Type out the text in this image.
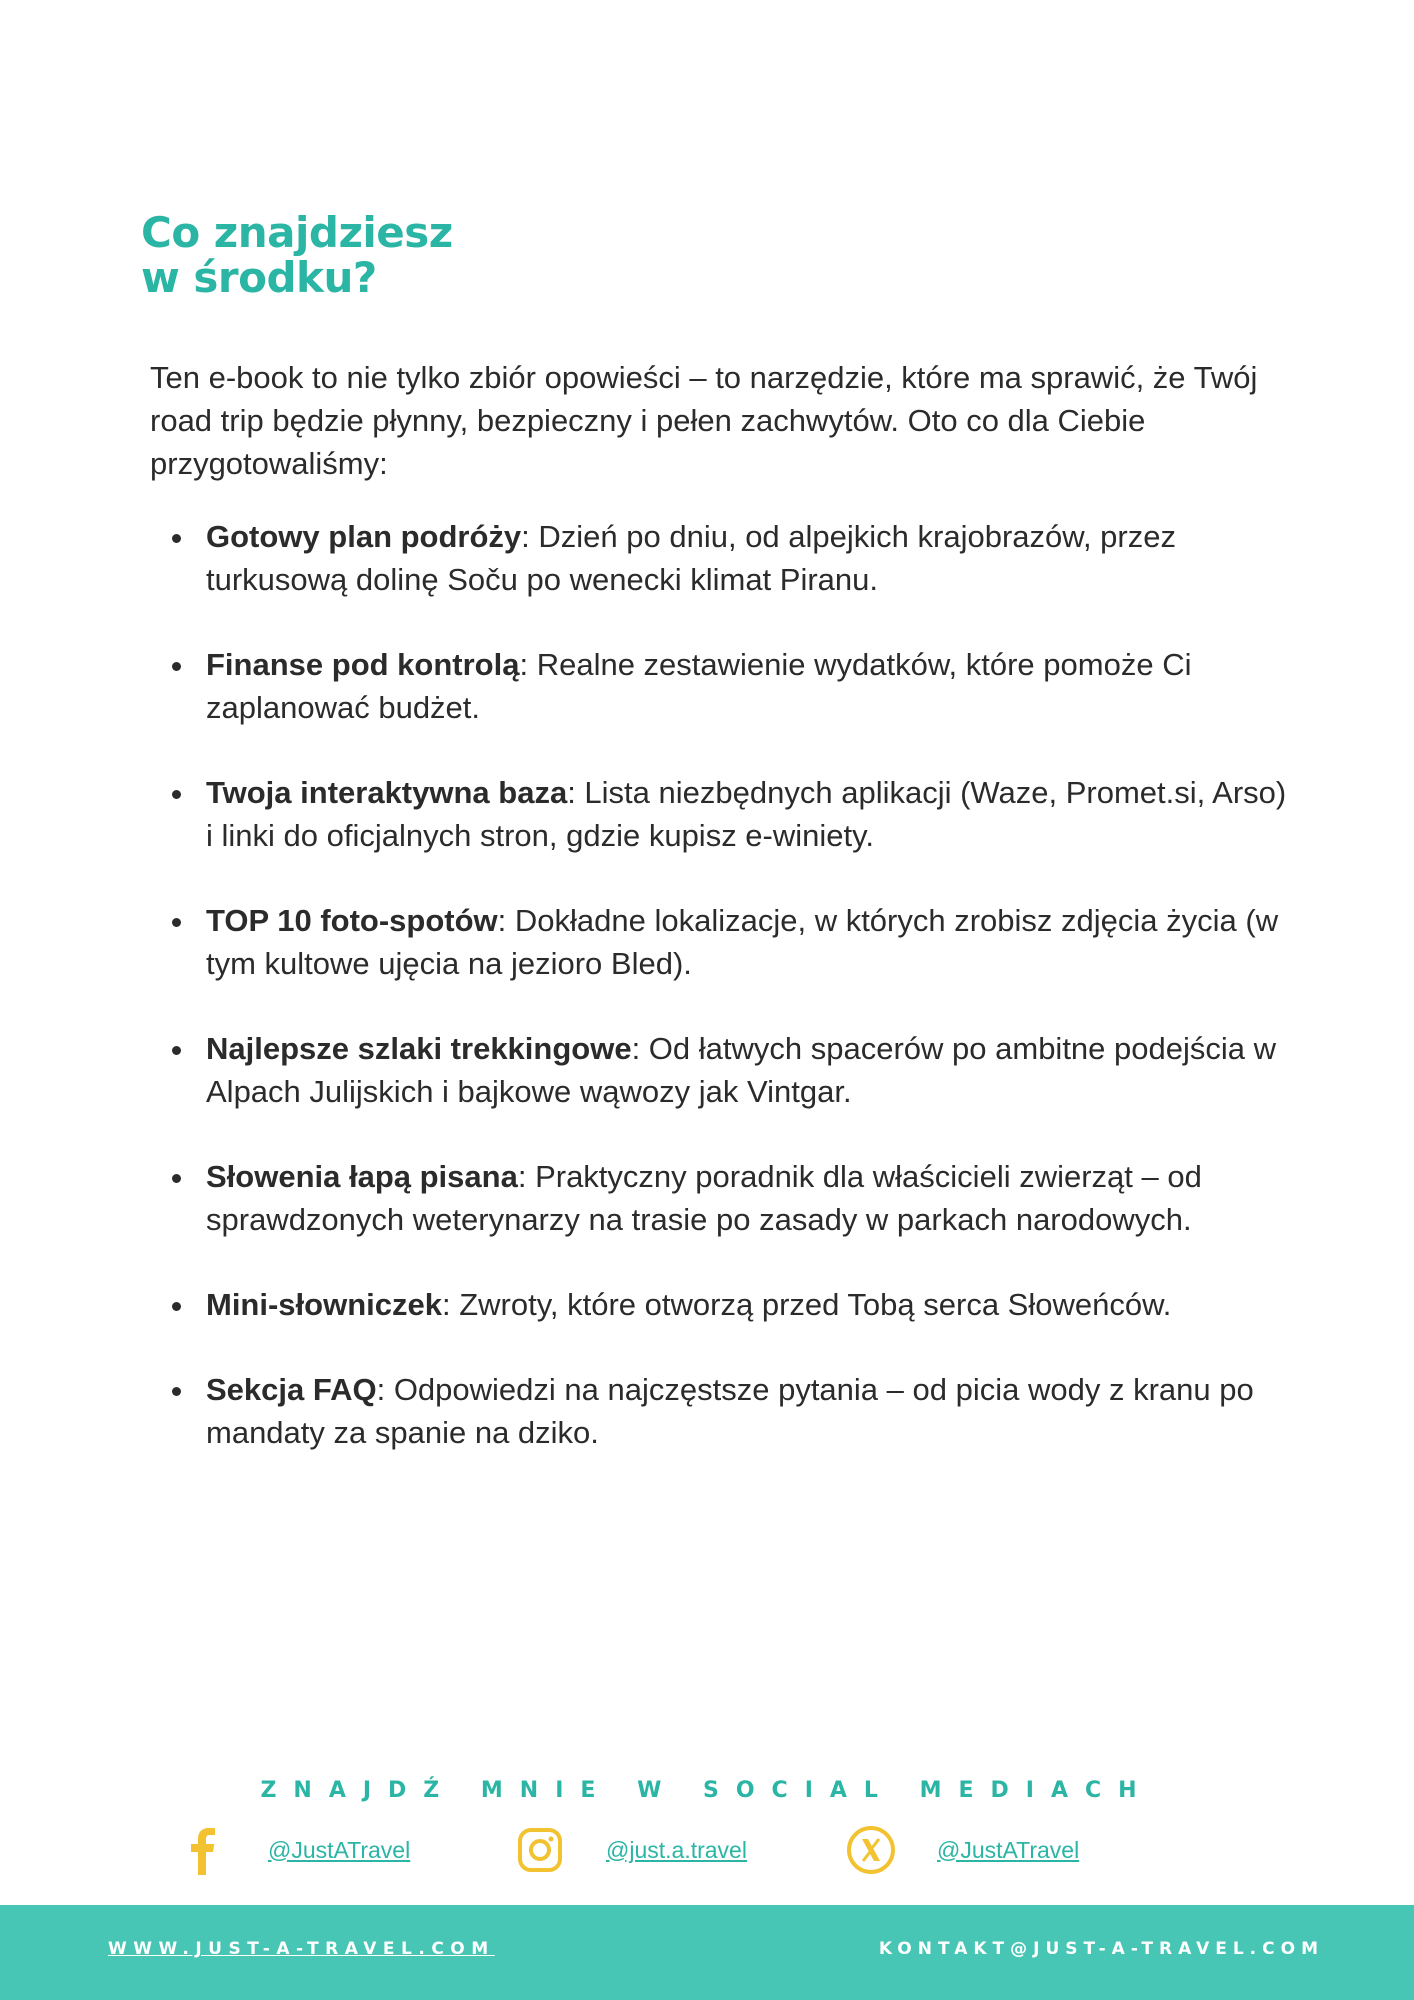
Co znajdziesz
w środku?

Ten e-book to nie tylko zbiór opowieści – to narzędzie, które ma sprawić, że Twój road trip będzie płynny, bezpieczny i pełen zachwytów. Oto co dla Ciebie przygotowaliśmy:

Gotowy plan podróży: Dzień po dniu, od alpejkich krajobrazów, przez turkusową dolinę Soču po wenecki klimat Piranu.
Finanse pod kontrolą: Realne zestawienie wydatków, które pomoże Ci zaplanować budżet.
Twoja interaktywna baza: Lista niezbędnych aplikacji (Waze, Promet.si, Arso) i linki do oficjalnych stron, gdzie kupisz e-winiety.
TOP 10 foto-spotów: Dokładne lokalizacje, w których zrobisz zdjęcia życia (w tym kultowe ujęcia na jezioro Bled).
Najlepsze szlaki trekkingowe: Od łatwych spacerów po ambitne podejścia w Alpach Julijskich i bajkowe wąwozy jak Vintgar.
Słowenia łapą pisana: Praktyczny poradnik dla właścicieli zwierząt – od sprawdzonych weterynarzy na trasie po zasady w parkach narodowych.
Mini-słowniczek: Zwroty, które otworzą przed Tobą serca Słoweńców.
Sekcja FAQ: Odpowiedzi na najczęstsze pytania – od picia wody z kranu po mandaty za spanie na dziko.
ZNAJDŹ MNIE W SOCIAL MEDIACH
@JustATravel	@just.a.travel	@JustATravel
WWW.JUST-A-TRAVEL.COM	KONTAKT@JUST-A-TRAVEL.COM
